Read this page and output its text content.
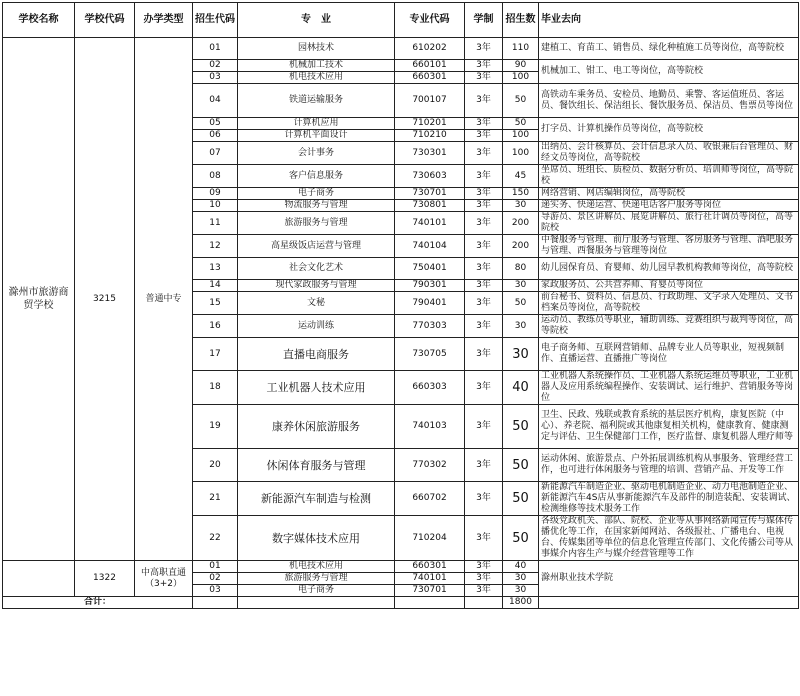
学校名称	学校代码	办学类型	招生代码	专　业	专业代码	学制	招生数	毕业去向
滁州市旅游商贸学校	3215	普通中专	01	园林技术	610202	3年	110	建植工、育苗工、销售员、绿化种植施工员等岗位，高等院校
			02	机械加工技术	660101	3年	90	机械加工、钳工、电工等岗位，高等院校
			03	机电技术应用	660301	3年	100	
			04	铁道运输服务	700107	3年	50	高铁动车乘务员、安检员、地勤员、乘警、客运值班员、客运员、餐饮组长、保洁组长、餐饮服务员、保洁员、售票员等岗位
			05	计算机应用	710201	3年	50	打字员、计算机操作员等岗位，高等院校
			06	计算机平面设计	710210	3年	100	
			07	会计事务	730301	3年	100	出纳员、会计核算员、会计信息录入员、收银兼后台管理员、财经文员等岗位，高等院校
			08	客户信息服务	730603	3年	45	坐席员、班组长、质检员、数据分析员、培训师等岗位，高等院校
			09	电子商务	730701	3年	150	网络营销、网店编辑岗位，高等院校
			10	物流服务与管理	730801	3年	30	递实务、快递运营、快递电话客户服务等岗位
			11	旅游服务与管理	740101	3年	200	导游员、景区讲解员、展览讲解员、旅行社计调员等岗位，高等院校
			12	高星级饭店运营与管理	740104	3年	200	中餐服务与管理、前厅服务与管理、客房服务与管理、酒吧服务与管理、西餐服务与管理等岗位
			13	社会文化艺术	750401	3年	80	幼儿园保育员、育婴师、幼儿园早教机构教师等岗位，高等院校
			14	现代家政服务与管理	790301	3年	30	家政服务员、公共营养师、育婴员等岗位
			15	文秘	790401	3年	50	前台秘书、资料员、信息员、行政助理、文字录入处理员、文书档案员等岗位，高等院校
			16	运动训练	770303	3年	30	运动员、教练员等职业，辅助训练、竞赛组织与裁判等岗位，高等院校
			17	直播电商服务	730705	3年	30	电子商务师、互联网营销师、品牌专业人员等职业，短视频制作、直播运营、直播推广等岗位
			18	工业机器人技术应用	660303	3年	40	工业机器人系统操作员、工业机器人系统运维员等职业，工业机器人及应用系统编程操作、安装调试、运行维护、营销服务等岗位
			19	康养休闲旅游服务	740103	3年	50	卫生、民政、残联或教育系统的基层医疗机构，康复医院（中心）、养老院、福利院或其他康复相关机构，健康教育、健康测定与评估、卫生保健部门工作，医疗监督、康复机器人理疗师等
			20	休闲体育服务与管理	770302	3年	50	运动休闲、旅游景点、户外拓展训练机构从事服务、管理经营工作，也可进行体闲服务与管理的培训、营销产品、开发等工作
			21	新能源汽车制造与检测	660702	3年	50	新能源汽车制造企业、驱动电机制造企业、动力电池制造企业、新能源汽车4S店从事新能源汽车及部件的制造装配、安装调试、检测维修等技术服务工作
			22	数字媒体技术应用	710204	3年	50	各级党政机关、部队、院校、企业等从事网络新闻宣传与媒体传播优化等工作，在国家新闻网站、各级报社、广播电台、电视台、传媒集团等单位的信息化管理宣传部门、文化传播公司等从事媒介内容生产与媒介经营管理等工作
	1322	中高职直通（3+2）	01	机电技术应用	660301	3年	40	滁州职业技术学院
			02	旅游服务与管理	740101	3年	30	
			03	电子商务	730701	3年	30	
合计：							1800	
